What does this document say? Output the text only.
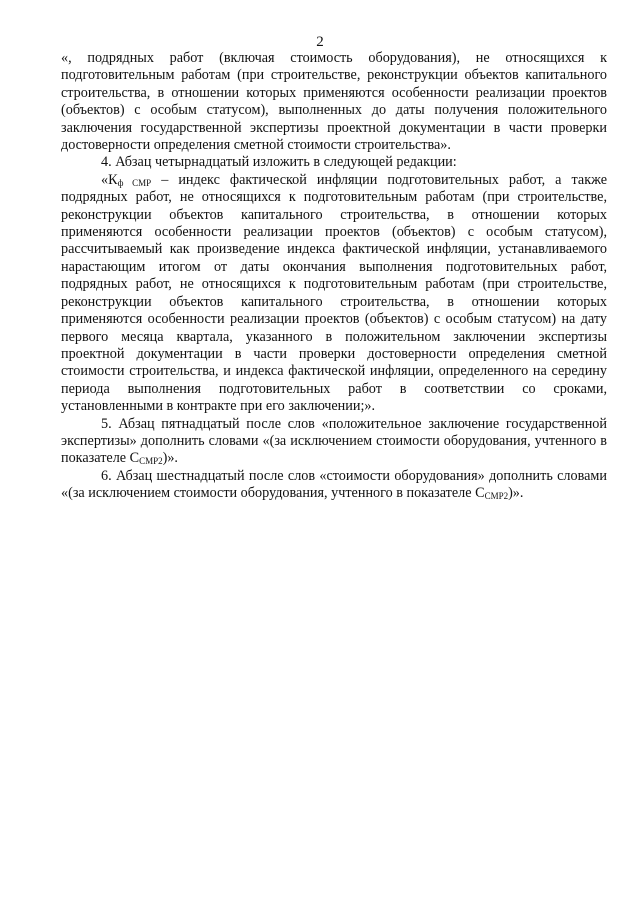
2

«, подрядных работ (включая стоимость оборудования), не относящихся к подготовительным работам (при строительстве, реконструкции объектов капитального строительства, в отношении которых применяются особенности реализации проектов (объектов) с особым статусом), выполненных до даты получения положительного заключения государственной экспертизы проектной документации в части проверки достоверности определения сметной стоимости строительства».

4. Абзац четырнадцатый изложить в следующей редакции:

«$К_{ф СМР}$ – индекс фактической инфляции подготовительных работ, а также подрядных работ, не относящихся к подготовительным работам (при строительстве, реконструкции объектов капитального строительства, в отношении которых применяются особенности реализации проектов (объектов) с особым статусом), рассчитываемый как произведение индекса фактической инфляции, устанавливаемого нарастающим итогом от даты окончания выполнения подготовительных работ, подрядных работ, не относящихся к подготовительным работам (при строительстве, реконструкции объектов капитального строительства, в отношении которых применяются особенности реализации проектов (объектов) с особым статусом) на дату первого месяца квартала, указанного в положительном заключении экспертизы проектной документации в части проверки достоверности определения сметной стоимости строительства, и индекса фактической инфляции, определенного на середину периода выполнения подготовительных работ в соответствии со сроками, установленными в контракте при его заключении;».

5. Абзац пятнадцатый после слов «положительное заключение государственной экспертизы» дополнить словами «(за исключением стоимости оборудования, учтенного в показателе $С_{СМР2}$)».

6. Абзац шестнадцатый после слов «стоимости оборудования» дополнить словами «(за исключением стоимости оборудования, учтенного в показателе $С_{СМР2}$)».
